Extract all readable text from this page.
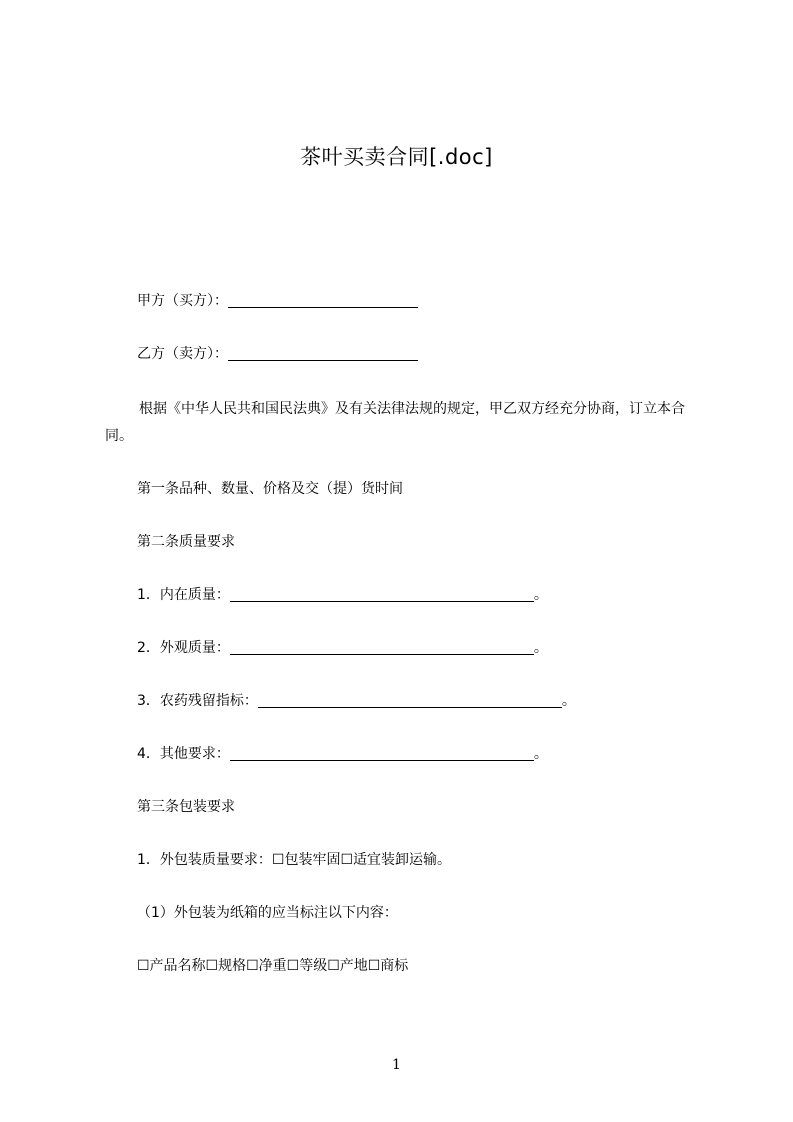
茶叶买卖合同[.doc]
甲方（买方）：
乙方（卖方）：
根据《中华人民共和国民法典》及有关法律法规的规定，甲乙双方经充分协商，订立本合同。
第一条品种、数量、价格及交（提）货时间
第二条质量要求
1．内在质量：	。
2．外观质量：	。
3．农药残留指标：	。
4．其他要求：	。
第三条包装要求
1．外包装质量要求：☐包装牢固☐适宜装卸运输。
（1）外包装为纸箱的应当标注以下内容：
☐产品名称☐规格☐净重☐等级☐产地☐商标
1
